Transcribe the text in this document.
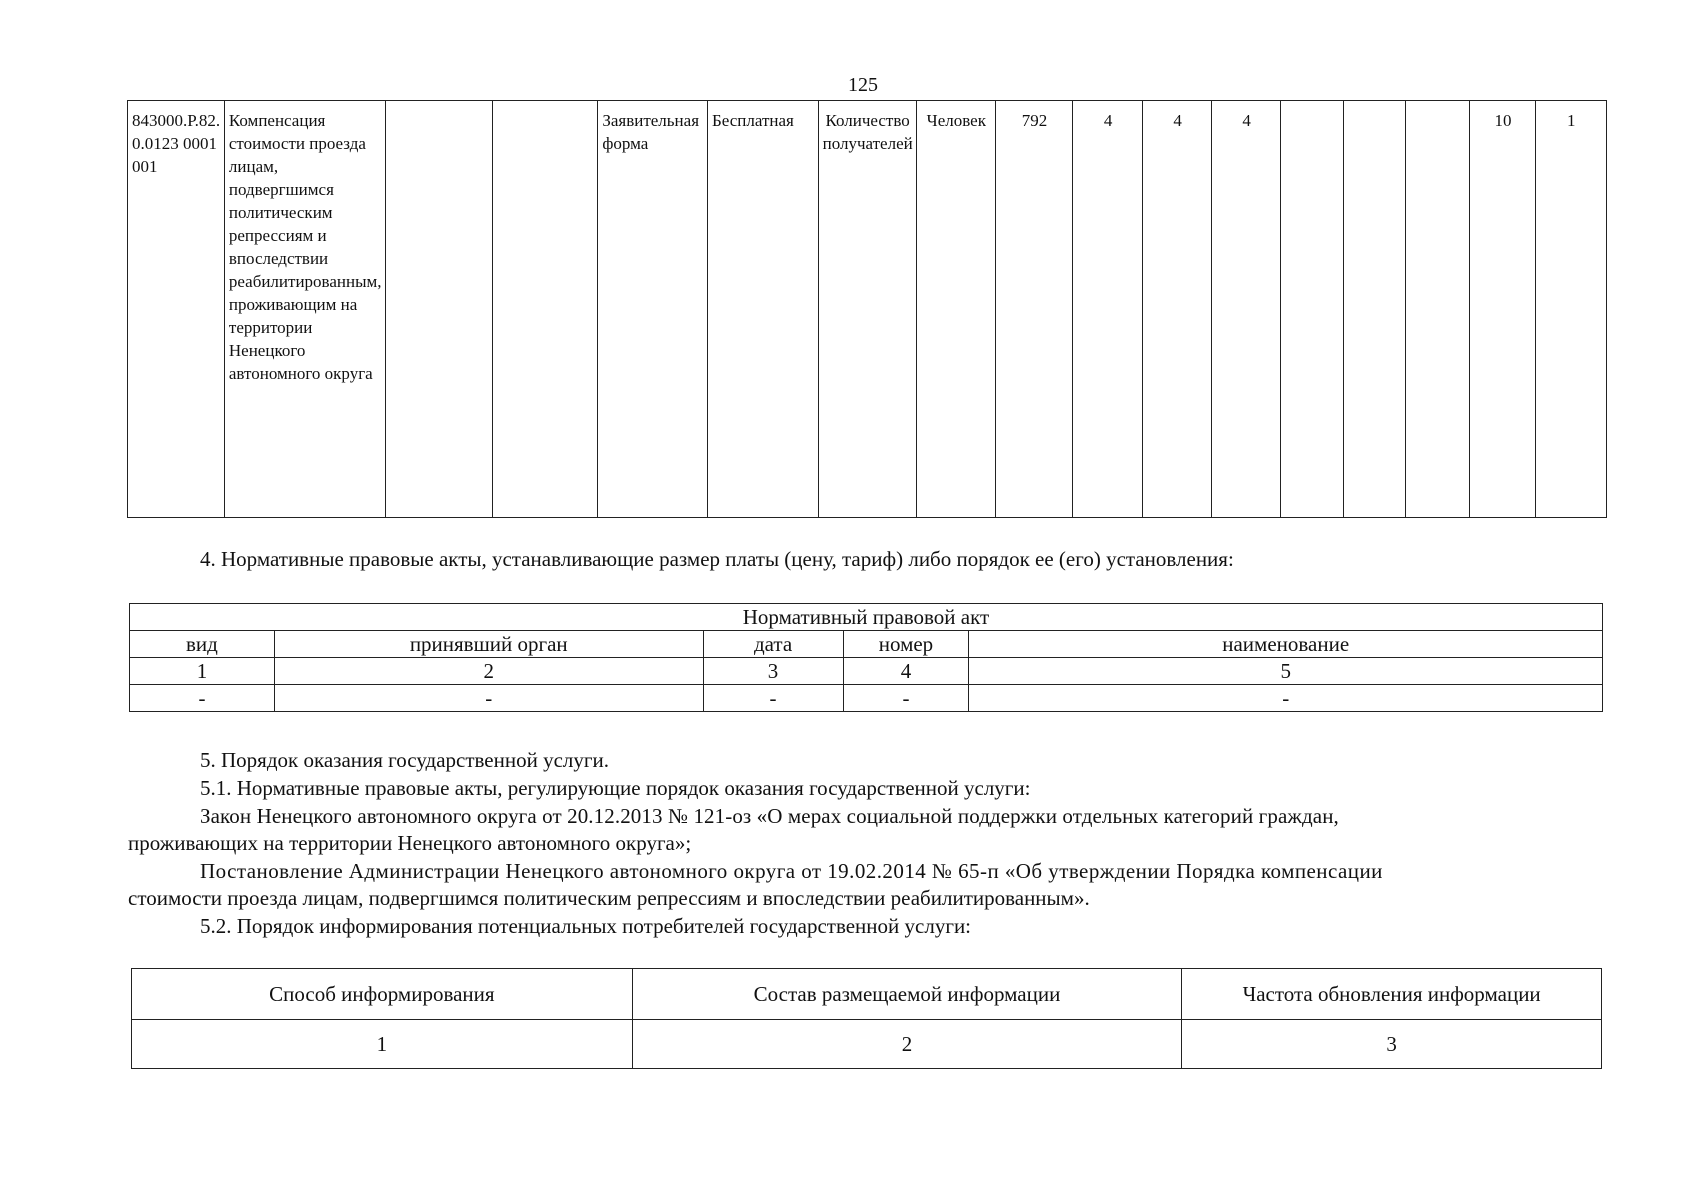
125
843000.Р.82.0.0123 0001001	Компенсация стоимости проезда лицам, подвергшимся политическим репрессиям и впоследствии реабилитированным, проживающим на территории Ненецкого автономного округа			Заявительная форма	Бесплатная	Количество получателей	Человек	792	4	4	4				10	1
4. Нормативные правовые акты, устанавливающие размер платы (цену, тариф) либо порядок ее (его) установления:
Нормативный правовой акт				
вид	принявший орган	дата	номер	наименование
1	2	3	4	5
-	-	-	-	-
5. Порядок оказания государственной услуги.
5.1. Нормативные правовые акты, регулирующие порядок оказания государственной услуги:
Закон Ненецкого автономного округа от 20.12.2013 № 121-оз «О мерах социальной поддержки отдельных категорий граждан,
проживающих на территории Ненецкого автономного округа»;
Постановление Администрации Ненецкого автономного округа от 19.02.2014 № 65-п «Об утверждении Порядка компенсации
стоимости проезда лицам, подвергшимся политическим репрессиям и впоследствии реабилитированным».
5.2. Порядок информирования потенциальных потребителей государственной услуги:
Способ информирования	Состав размещаемой информации	Частота обновления информации
1	2	3
